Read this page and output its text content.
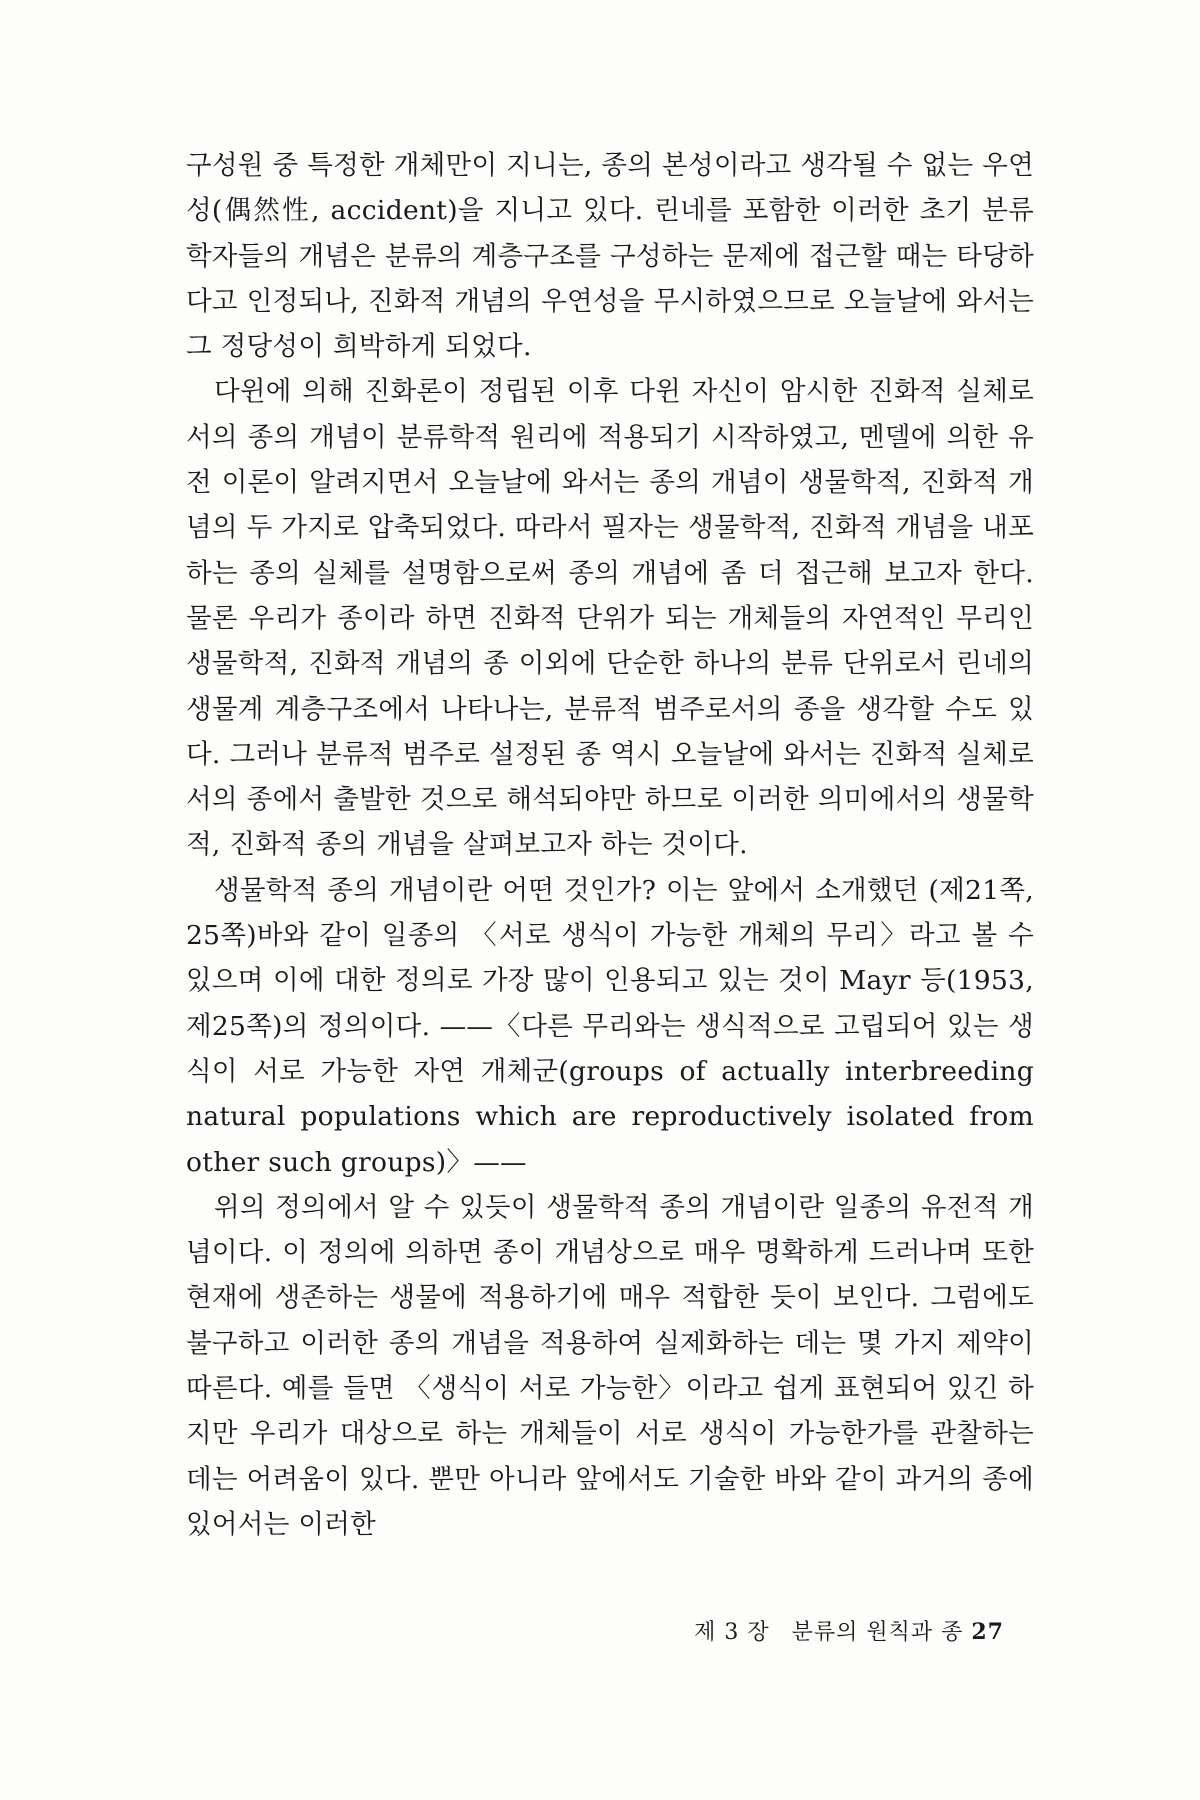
구성원 중 특정한 개체만이 지니는, 종의 본성이라고 생각될 수 없는 우연성(偶然性, accident)을 지니고 있다. 린네를 포함한 이러한 초기 분류 학자들의 개념은 분류의 계층구조를 구성하는 문제에 접근할 때는 타당하다고 인정되나, 진화적 개념의 우연성을 무시하였으므로 오늘날에 와서는 그 정당성이 희박하게 되었다.

다윈에 의해 진화론이 정립된 이후 다윈 자신이 암시한 진화적 실체로서의 종의 개념이 분류학적 원리에 적용되기 시작하였고, 멘델에 의한 유전 이론이 알려지면서 오늘날에 와서는 종의 개념이 생물학적, 진화적 개념의 두 가지로 압축되었다. 따라서 필자는 생물학적, 진화적 개념을 내포하는 종의 실체를 설명함으로써 종의 개념에 좀 더 접근해 보고자 한다. 물론 우리가 종이라 하면 진화적 단위가 되는 개체들의 자연적인 무리인 생물학적, 진화적 개념의 종 이외에 단순한 하나의 분류 단위로서 린네의 생물계 계층구조에서 나타나는, 분류적 범주로서의 종을 생각할 수도 있다. 그러나 분류적 범주로 설정된 종 역시 오늘날에 와서는 진화적 실체로서의 종에서 출발한 것으로 해석되야만 하므로 이러한 의미에서의 생물학적, 진화적 종의 개념을 살펴보고자 하는 것이다.

생물학적 종의 개념이란 어떤 것인가? 이는 앞에서 소개했던 (제21쪽, 25쪽)바와 같이 일종의 〈서로 생식이 가능한 개체의 무리〉라고 볼 수 있으며 이에 대한 정의로 가장 많이 인용되고 있는 것이 Mayr 등(1953, 제25쪽)의 정의이다. ——〈다른 무리와는 생식적으로 고립되어 있는 생식이 서로 가능한 자연 개체군(groups of actually interbreeding natural populations which are reproductively isolated from other such groups)〉——

위의 정의에서 알 수 있듯이 생물학적 종의 개념이란 일종의 유전적 개념이다. 이 정의에 의하면 종이 개념상으로 매우 명확하게 드러나며 또한 현재에 생존하는 생물에 적용하기에 매우 적합한 듯이 보인다. 그럼에도 불구하고 이러한 종의 개념을 적용하여 실제화하는 데는 몇 가지 제약이 따른다. 예를 들면 〈생식이 서로 가능한〉이라고 쉽게 표현되어 있긴 하지만 우리가 대상으로 하는 개체들이 서로 생식이 가능한가를 관찰하는 데는 어려움이 있다. 뿐만 아니라 앞에서도 기술한 바와 같이 과거의 종에 있어서는 이러한

제 3 장 분류의 원칙과 종 27
